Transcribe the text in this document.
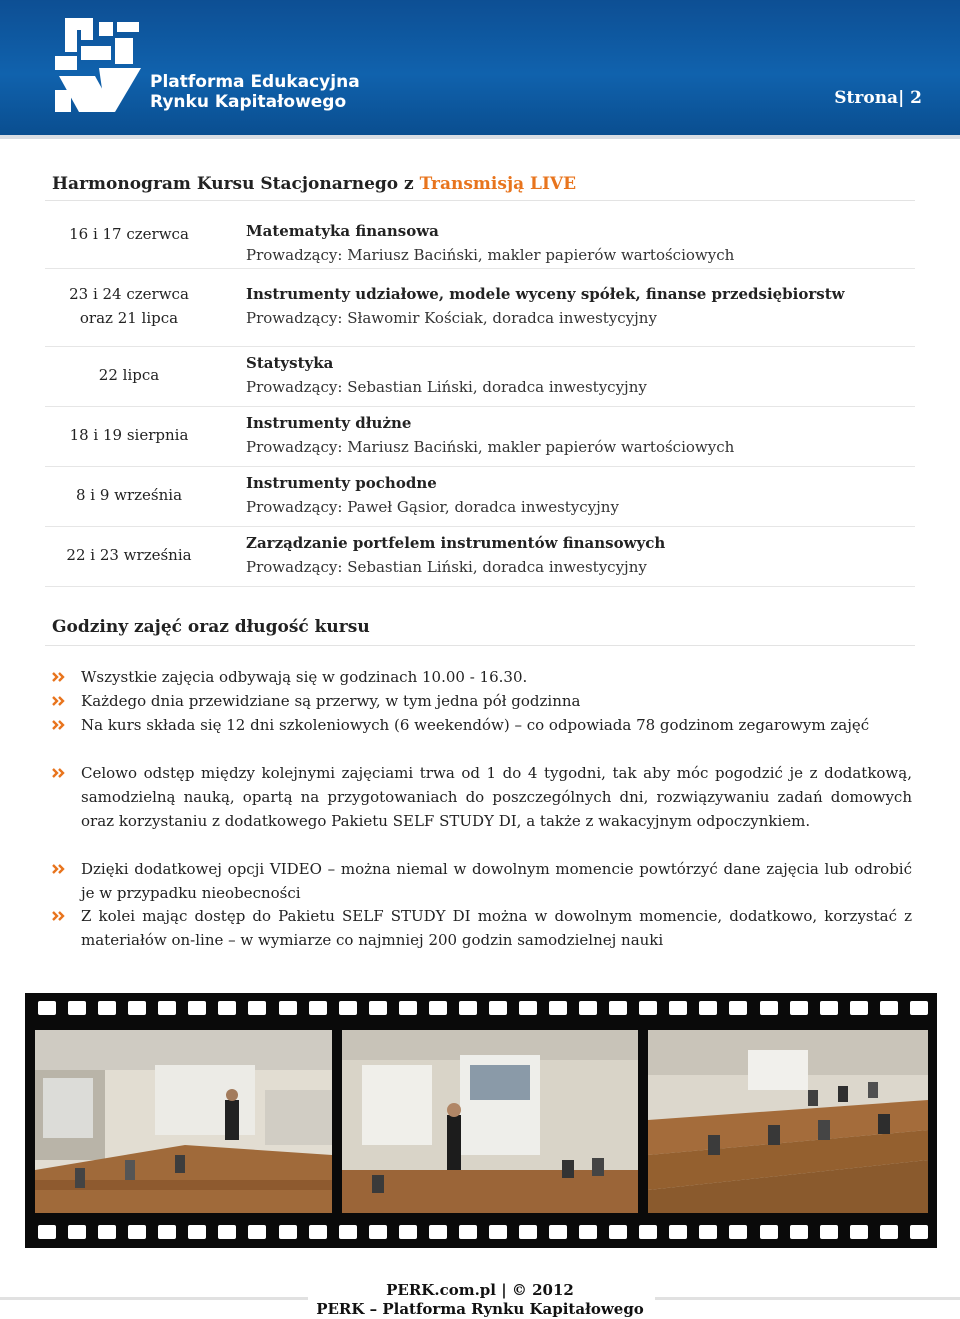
Platforma Edukacyjna
Rynku Kapitałowego	Strona| 2
Harmonogram Kursu Stacjonarnego z Transmisją LIVE
16 i 17 czerwca	Matematyka finansowa
Prowadzący: Mariusz Baciński, makler papierów wartościowych
23 i 24 czerwca
oraz 21 lipca
Instrumenty udziałowe, modele wyceny spółek, finanse przedsiębiorstw
Prowadzący: Sławomir Kościak, doradca inwestycyjny
22 lipca
Statystyka
Prowadzący: Sebastian Liński, doradca inwestycyjny
18 i 19 sierpnia
Instrumenty dłużne
Prowadzący: Mariusz Baciński, makler papierów wartościowych
8 i 9 września
Instrumenty pochodne
Prowadzący: Paweł Gąsior, doradca inwestycyjny
22 i 23 września
Zarządzanie portfelem instrumentów finansowych
Prowadzący: Sebastian Liński, doradca inwestycyjny
Godziny zajęć oraz długość kursu
Wszystkie zajęcia odbywają się w godzinach 10.00 - 16.30.
Każdego dnia przewidziane są przerwy, w tym jedna pół godzinna
Na kurs składa się 12 dni szkoleniowych (6 weekendów) – co odpowiada 78 godzinom zegarowym zajęć
Celowo odstęp między kolejnymi zajęciami trwa od 1 do 4 tygodni, tak aby móc pogodzić je z dodatkową, samodzielną nauką, opartą na przygotowaniach do poszczególnych dni, rozwiązywaniu zadań domowych oraz korzystaniu z dodatkowego Pakietu SELF STUDY DI, a także z wakacyjnym odpoczynkiem.
Dzięki dodatkowej opcji VIDEO – można niemal w dowolnym momencie powtórzyć dane zajęcia lub odrobić je w przypadku nieobecności
Z kolei mając dostęp do Pakietu SELF STUDY DI można w dowolnym momencie, dodatkowo, korzystać z materiałów on-line – w wymiarze co najmniej 200 godzin samodzielnej nauki
PERK.com.pl | © 2012
PERK – Platforma Rynku Kapitałowego
